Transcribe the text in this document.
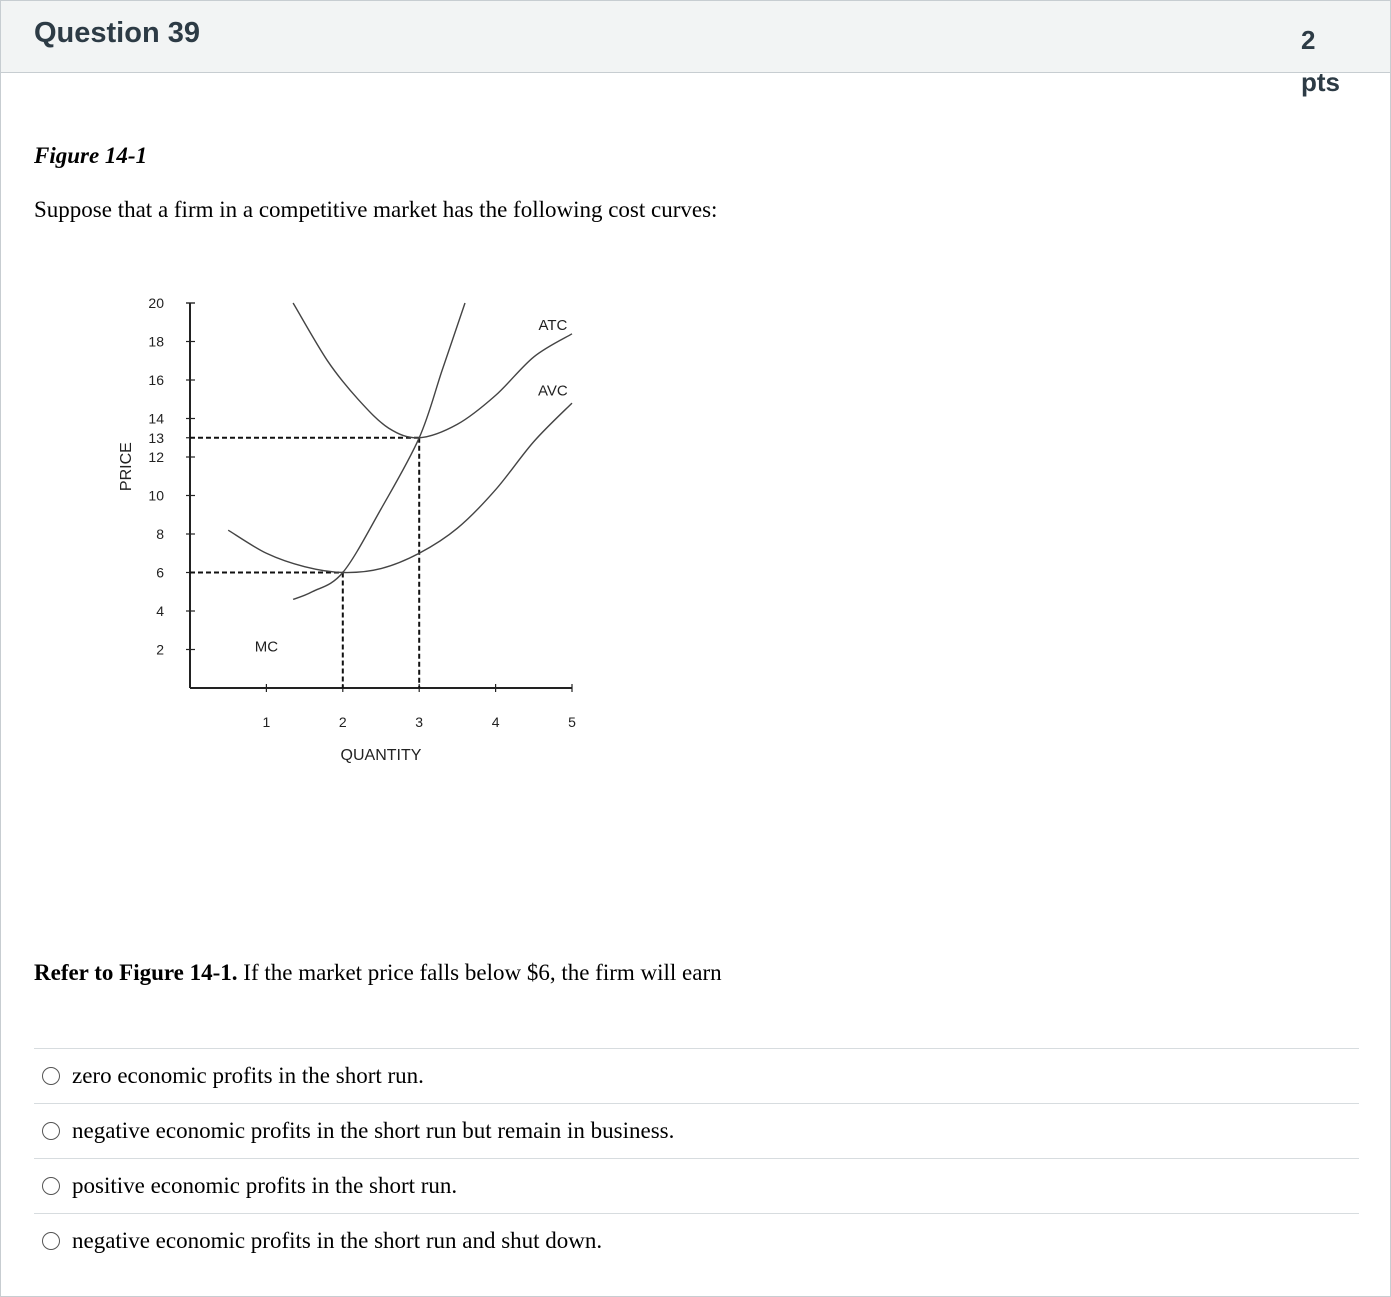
Question 39	2
pts
Figure 14-1
Suppose that a firm in a competitive market has the following cost curves:
2
4
6
8
10
12
13
14
16
18
20
1	2	3	4	5
QUANTITY
PRICE
MC
ATC
AVC
Refer to Figure 14-1. If the market price falls below $6, the firm will earn
zero economic profits in the short run.
negative economic profits in the short run but remain in business.
positive economic profits in the short run.
negative economic profits in the short run and shut down.
